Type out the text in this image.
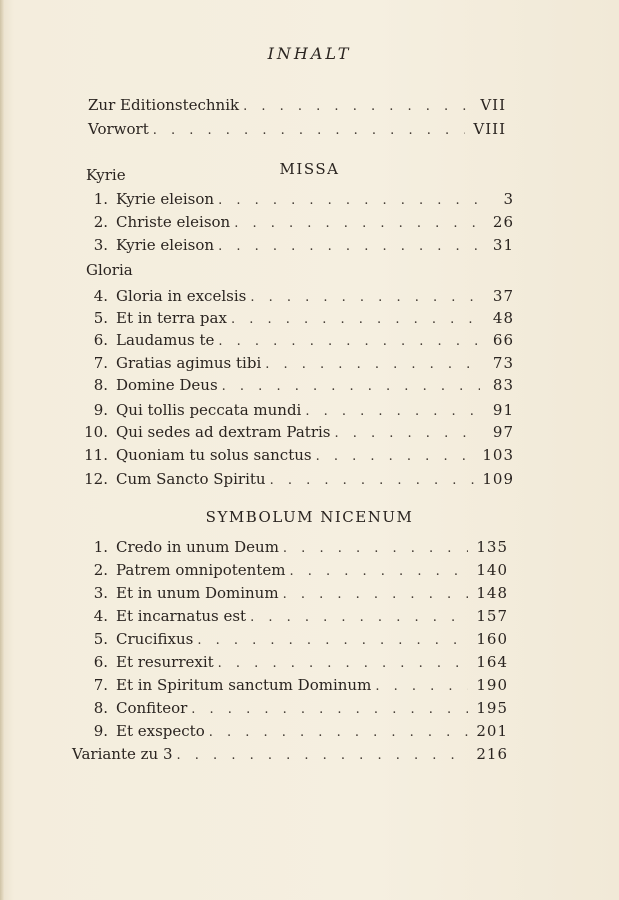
INHALT
Zur Editionstechnik . . .	VII
Vorwort . . .	VIII
MISSA
Kyrie
1. Kyrie eleison . . .	3
2. Christe eleison . . .	26
3. Kyrie eleison . . .	31
Gloria
4. Gloria in excelsis . . .	37
5. Et in terra pax . . .	48
6. Laudamus te . . .	66
7. Gratias agimus tibi . . .	73
8. Domine Deus . . .	83
9. Qui tollis peccata mundi . . .	91
10. Qui sedes ad dextram Patris . . .	97
11. Quoniam tu solus sanctus . . .	103
12. Cum Sancto Spiritu . . .	109
SYMBOLUM NICENUM
1. Credo in unum Deum . . .	135
2. Patrem omnipotentem . . .	140
3. Et in unum Dominum . . .	148
4. Et incarnatus est . . .	157
5. Crucifixus . . .	160
6. Et resurrexit . . .	164
7. Et in Spiritum sanctum Dominum . . .	190
8. Confiteor . . .	195
9. Et exspecto . . .	201
Variante zu 3 . . .	216
